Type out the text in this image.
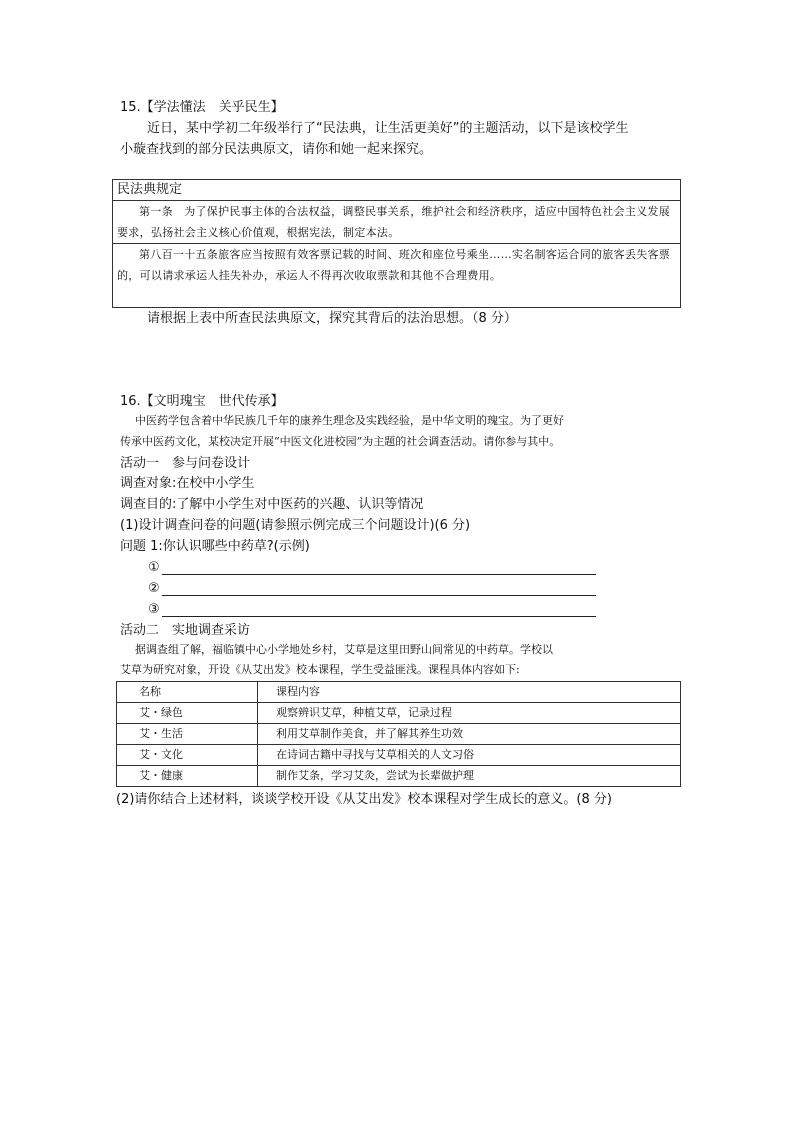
15.【学法懂法　关乎民生】
近日，某中学初二年级举行了“民法典，让生活更美好”的主题活动，以下是该校学生
小璇查找到的部分民法典原文，请你和她一起来探究。
民法典规定
第一条　为了保护民事主体的合法权益，调整民事关系，维护社会和经济秩序，适应中国特色社会主义发展要求，弘扬社会主义核心价值观，根据宪法，制定本法。
第八百一十五条旅客应当按照有效客票记载的时间、班次和座位号乘坐……实名制客运合同的旅客丢失客票的，可以请求承运人挂失补办，承运人不得再次收取票款和其他不合理费用。
请根据上表中所查民法典原文，探究其背后的法治思想。（8 分）
16.【文明瑰宝　世代传承】
中医药学包含着中华民族几千年的康养生理念及实践经验，是中华文明的瑰宝。为了更好
传承中医药文化，某校决定开展“中医文化进校园”为主题的社会调查活动。请你参与其中。
活动一　参与问卷设计
调查对象:在校中小学生
调查目的:了解中小学生对中医药的兴趣、认识等情况
(1)设计调查问卷的问题(请参照示例完成三个问题设计)(6 分)
问题 1:你认识哪些中药草?(示例)
①
②
③
活动二　实地调查采访
据调查组了解，福临镇中心小学地处乡村，艾草是这里田野山间常见的中药草。学校以
艾草为研究对象，开设《从艾出发》校本课程，学生受益匪浅。课程具体内容如下:
名称	课程内容
艾・绿色	观察辨识艾草，种植艾草，记录过程
艾・生活	利用艾草制作美食，并了解其养生功效
艾・文化	在诗词古籍中寻找与艾草相关的人文习俗
艾・健康	制作艾条，学习艾灸，尝试为长辈做护理
(2)请你结合上述材料，谈谈学校开设《从艾出发》校本课程对学生成长的意义。(8 分)
